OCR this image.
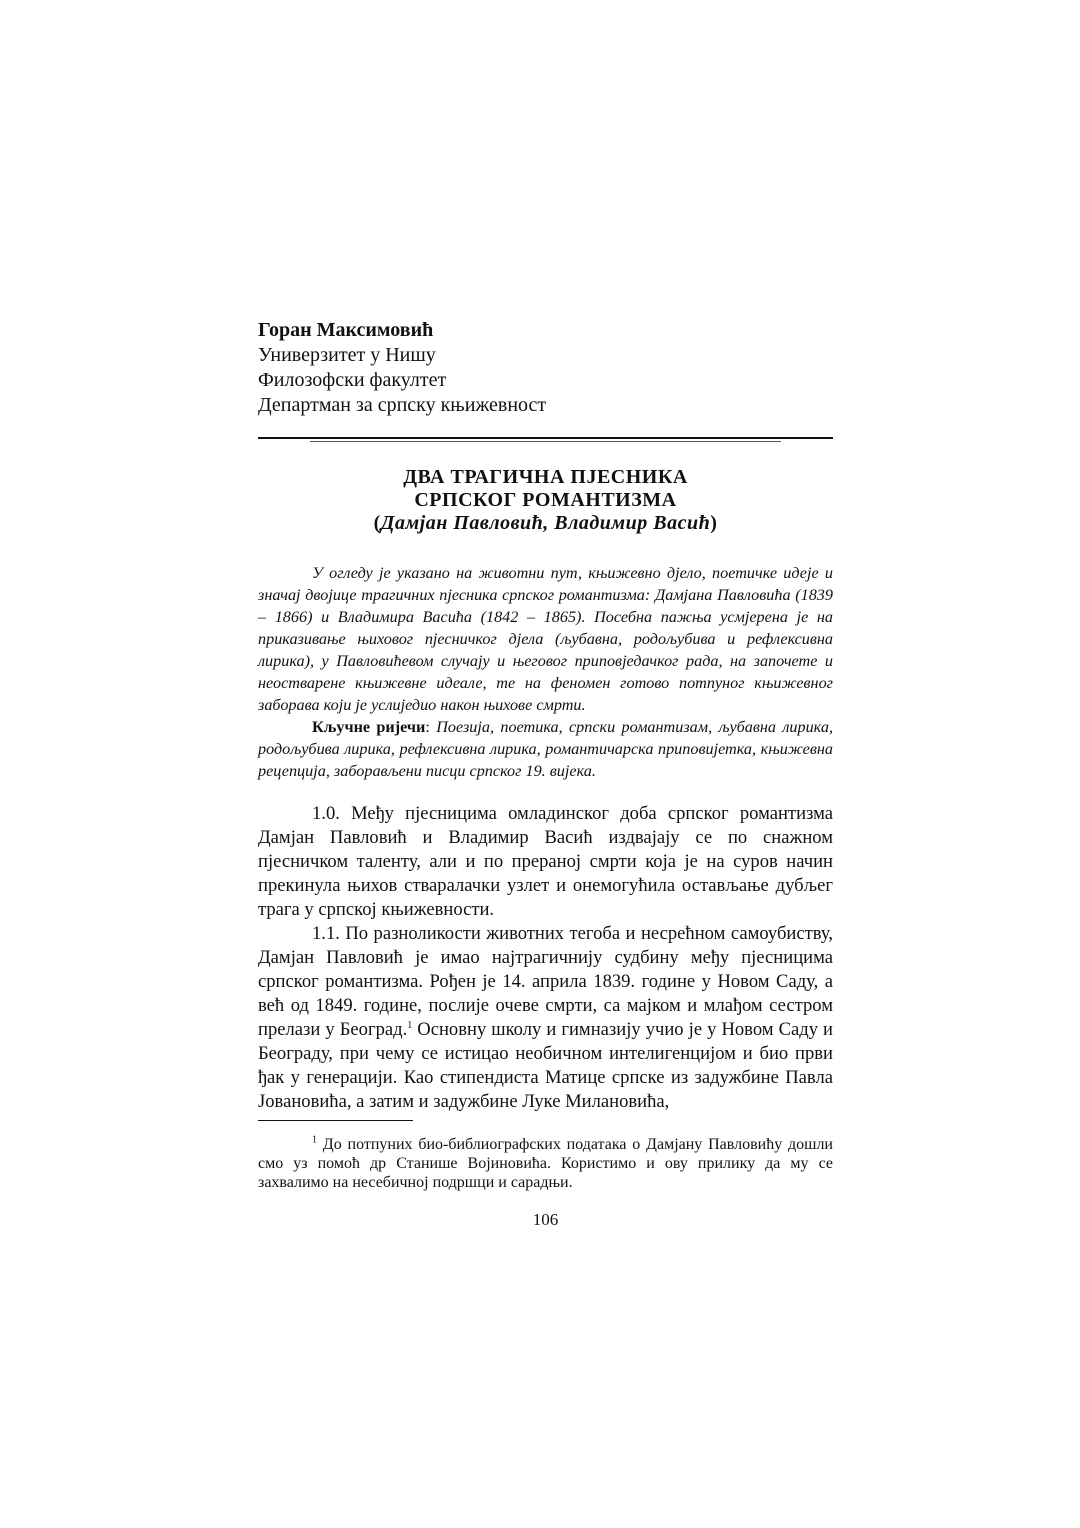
Горан Максимовић
Универзитет у Нишу
Филозофски факултет
Департман за српску књижевност
ДВА ТРАГИЧНА ПЈЕСНИКА
СРПСКОГ РОМАНТИЗМА
(Дамјан Павловић, Владимир Васић)

У огледу је указано на животни пут, књижевно дјело, поетичке идеје и значај двојице трагичних пјесника српског романтизма: Дамјана Павловића (1839 – 1866) и Владимира Васића (1842 – 1865). Посебна пажња усмјерена је на приказивање њиховог пјесничког дјела (љубавна, родољубива и рефлексивна лирика), у Павловићевом случају и његовог приповједачког рада, на започете и неостварене књижевне идеале, те на феномен готово потпуног књижевног заборава који је услиједио након њихове смрти.

Кључне ријечи: Поезија, поетика, српски романтизам, љубавна лирика, родољубива лирика, рефлексивна лирика, романтичарска приповијетка, књижевна рецепција, заборављени писци српског 19. вијека.

1.0. Међу пјесницима омладинског доба српског романтизма Дамјан Павловић и Владимир Васић издвајају се по снажном пјесничком таленту, али и по преранoj смрти која је на суров начин прекинула њихов стваралачки узлет и онемогућила остављање дубљег трага у српској књижевности.

1.1. По разноликости животних тегоба и несрећном самоубиству, Дамјан Павловић је имао најтрагичнију судбину међу пјесницима српског романтизма. Рођен је 14. априла 1839. године у Новом Саду, а већ од 1849. године, послије очеве смрти, са мајком и млађом сестром прелази у Београд.$^1$ Основну школу и гимназију учио је у Новом Саду и Београду, при чему се истицао необичном интелигенцијом и био први ђак у генерацији. Као стипендиста Матице српске из задужбине Павла Јовановића, а затим и задужбине Луке Милановића,

$^1$ До потпуних био-библиографских података о Дамјану Павловићу дошли смо уз помоћ др Станише Војиновића. Користимо и ову прилику да му се захвалимо на несебичној подршци и сарадњи.
106
